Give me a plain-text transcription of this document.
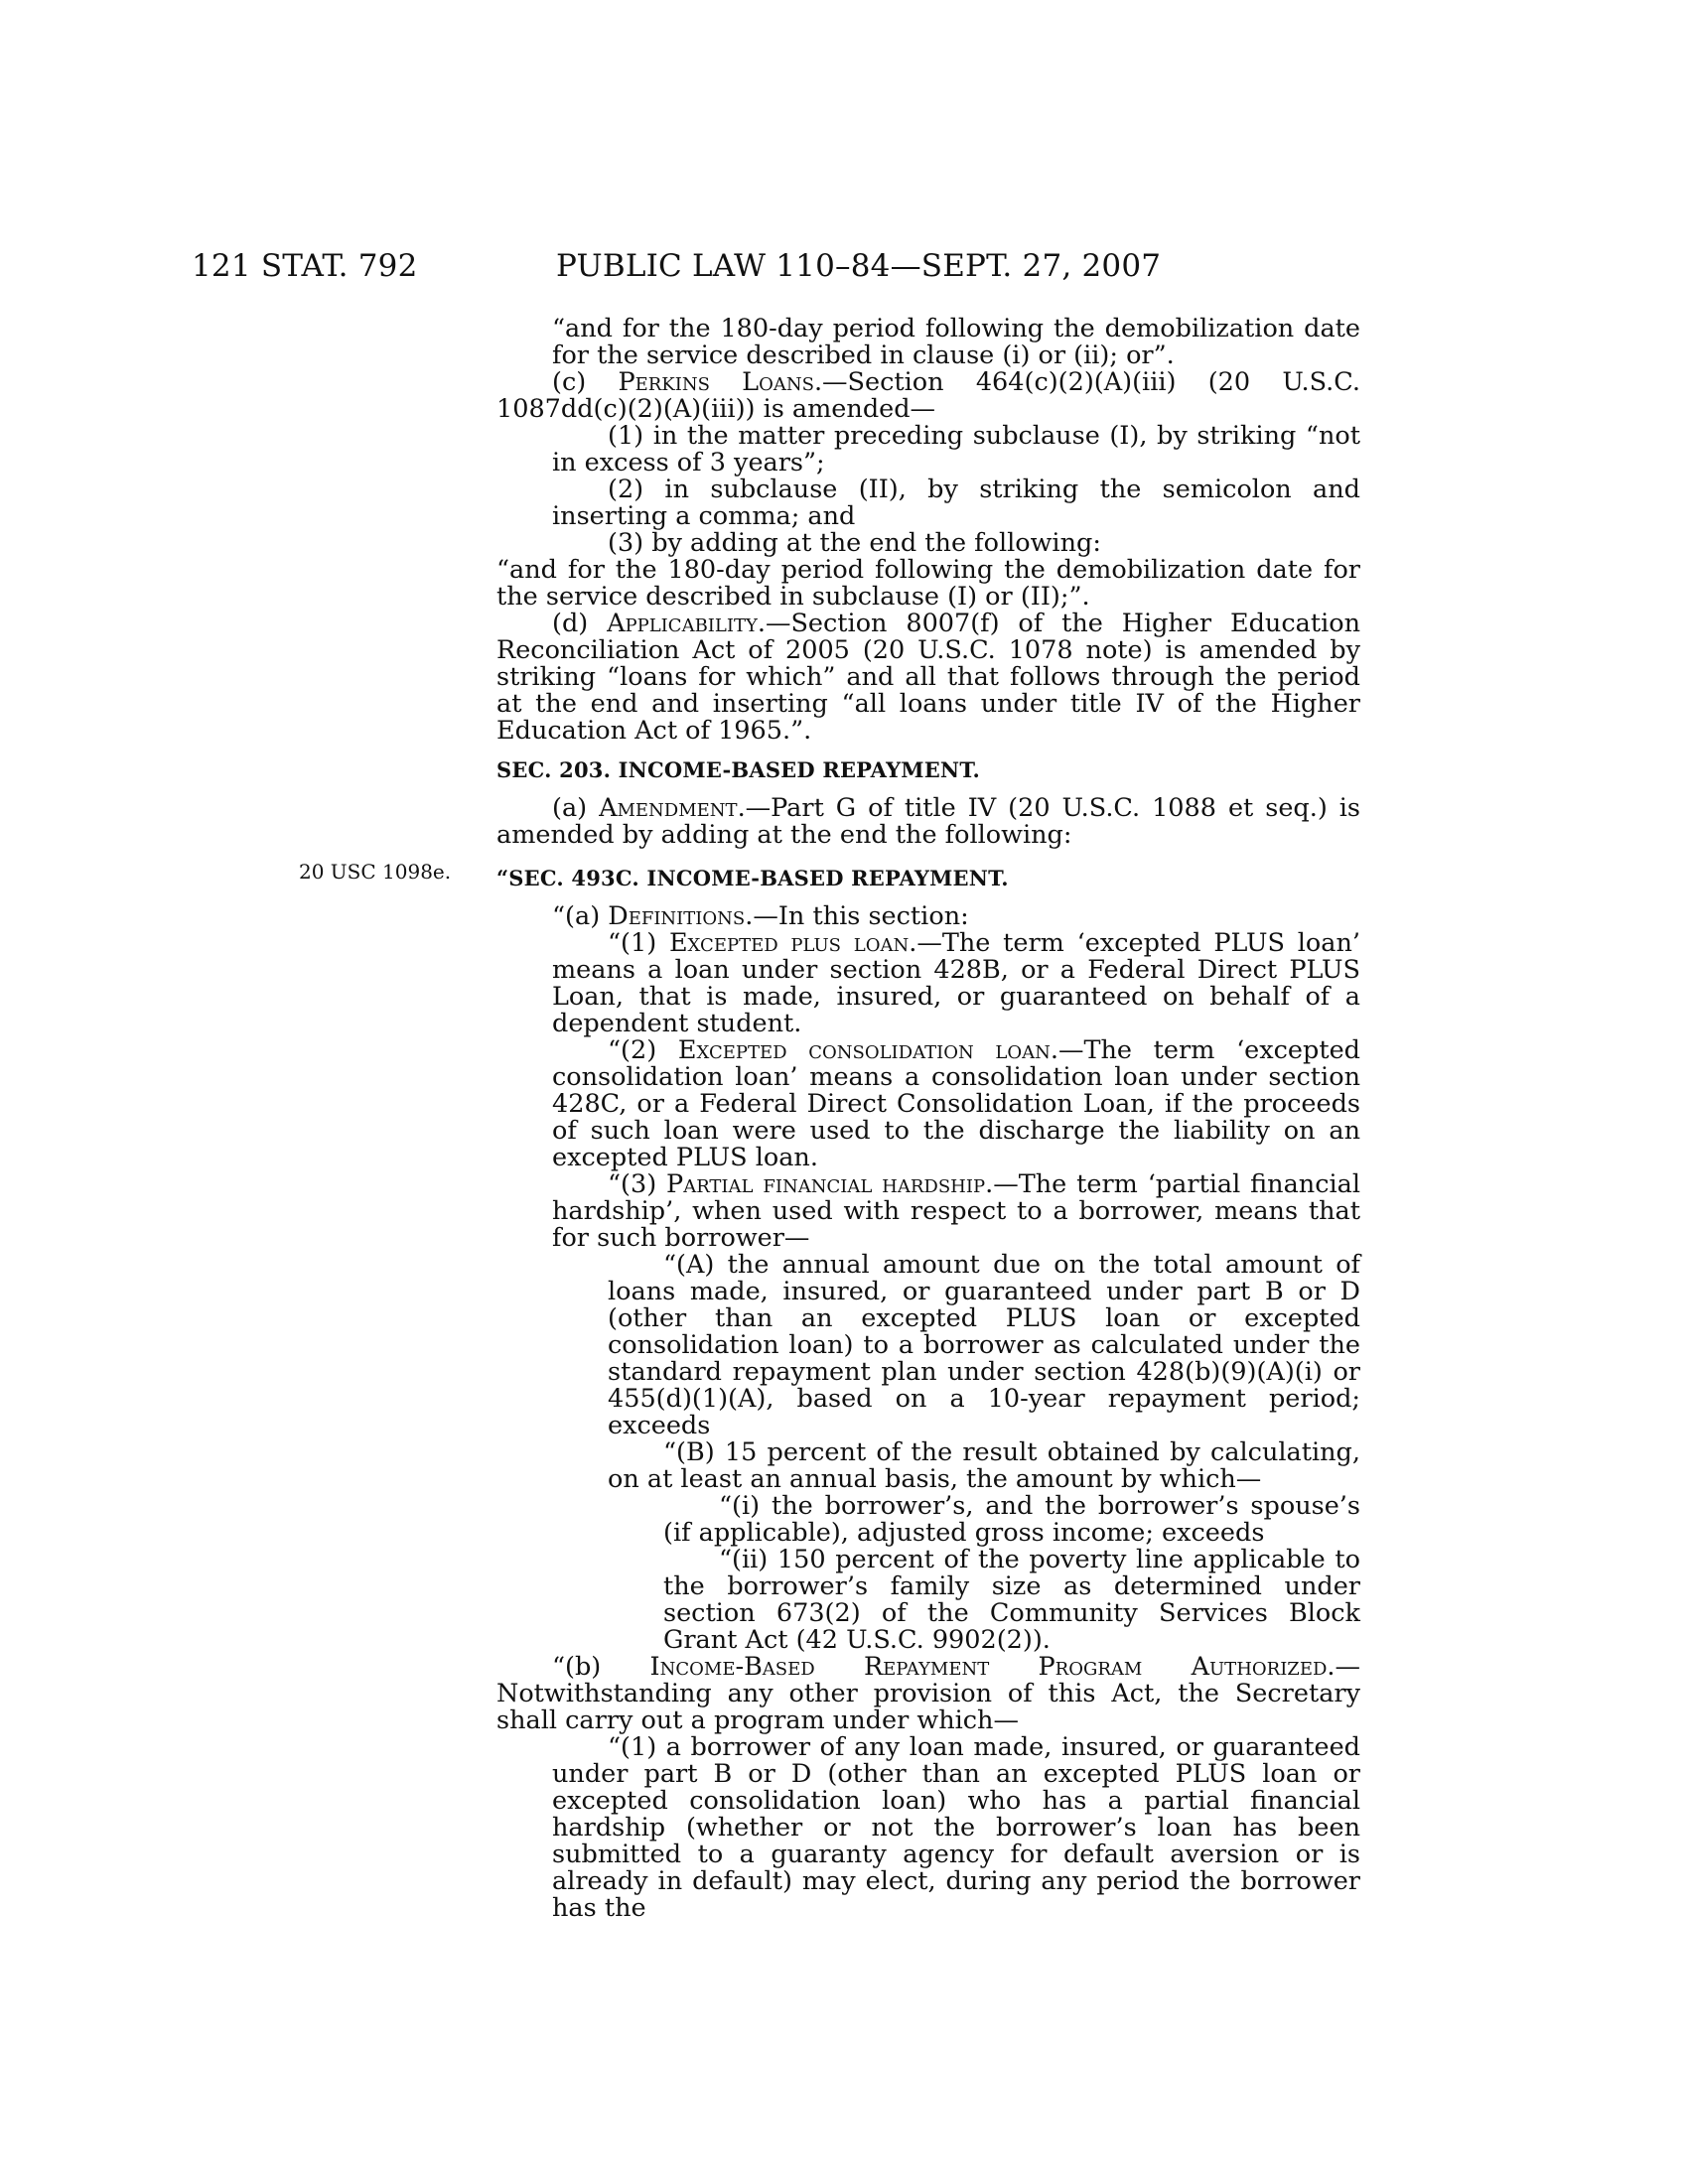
121 STAT. 792	PUBLIC LAW 110–84—SEPT. 27, 2007
20 USC 1098e.

“and for the 180-day period following the demobilization date for the service described in clause (i) or (ii); or”.

(c) Perkins Loans.—Section 464(c)(2)(A)(iii) (20 U.S.C. 1087dd(c)(2)(A)(iii)) is amended—

(1) in the matter preceding subclause (I), by striking “not in excess of 3 years”;

(2) in subclause (II), by striking the semicolon and inserting a comma; and

(3) by adding at the end the following:

“and for the 180-day period following the demobilization date for the service described in subclause (I) or (II);”.

(d) Applicability.—Section 8007(f) of the Higher Education Reconciliation Act of 2005 (20 U.S.C. 1078 note) is amended by striking “loans for which” and all that follows through the period at the end and inserting “all loans under title IV of the Higher Education Act of 1965.”.

SEC. 203. INCOME-BASED REPAYMENT.

(a) Amendment.—Part G of title IV (20 U.S.C. 1088 et seq.) is amended by adding at the end the following:

“SEC. 493C. INCOME-BASED REPAYMENT.

“(a) Definitions.—In this section:

“(1) Excepted plus loan.—The term ‘excepted PLUS loan’ means a loan under section 428B, or a Federal Direct PLUS Loan, that is made, insured, or guaranteed on behalf of a dependent student.

“(2) Excepted consolidation loan.—The term ‘excepted consolidation loan’ means a consolidation loan under section 428C, or a Federal Direct Consolidation Loan, if the proceeds of such loan were used to the discharge the liability on an excepted PLUS loan.

“(3) Partial financial hardship.—The term ‘partial financial hardship’, when used with respect to a borrower, means that for such borrower—

“(A) the annual amount due on the total amount of loans made, insured, or guaranteed under part B or D (other than an excepted PLUS loan or excepted consolidation loan) to a borrower as calculated under the standard repayment plan under section 428(b)(9)(A)(i) or 455(d)(1)(A), based on a 10-year repayment period; exceeds

“(B) 15 percent of the result obtained by calculating, on at least an annual basis, the amount by which—

“(i) the borrower’s, and the borrower’s spouse’s (if applicable), adjusted gross income; exceeds

“(ii) 150 percent of the poverty line applicable to the borrower’s family size as determined under section 673(2) of the Community Services Block Grant Act (42 U.S.C. 9902(2)).

“(b) Income-Based Repayment Program Authorized.—Notwithstanding any other provision of this Act, the Secretary shall carry out a program under which—

“(1) a borrower of any loan made, insured, or guaranteed under part B or D (other than an excepted PLUS loan or excepted consolidation loan) who has a partial financial hardship (whether or not the borrower’s loan has been submitted to a guaranty agency for default aversion or is already in default) may elect, during any period the borrower has the
